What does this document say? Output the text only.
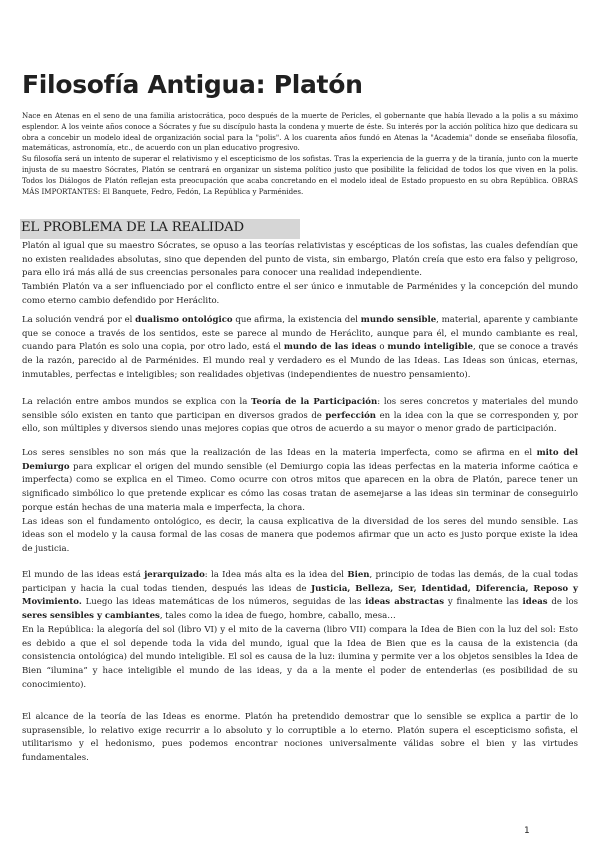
Filosofía Antigua: Platón

Nace en Atenas en el seno de una familia aristocrática, poco después de la muerte de Pericles, el gobernante que había llevado a la polis a su máximo esplendor. A los veinte años conoce a Sócrates y fue su discípulo hasta la condena y muerte de éste. Su interés por la acción política hizo que dedicara su obra a concebir un modelo ideal de organización social para la "polis". A los cuarenta años fundó en Atenas la "Academia" donde se enseñaba filosofía, matemáticas, astronomía, etc., de acuerdo con un plan educativo progresivo.

Su filosofía será un intento de superar el relativismo y el escepticismo de los sofistas. Tras la experiencia de la guerra y de la tiranía, junto con la muerte injusta de su maestro Sócrates, Platón se centrará en organizar un sistema político justo que posibilite la felicidad de todos los que viven en la polis. Todos los Diálogos de Platón reflejan esta preocupación que acaba concretando en el modelo ideal de Estado propuesto en su obra República. OBRAS MÁS IMPORTANTES: El Banquete, Fedro, Fedón, La República y Parménides.

EL PROBLEMA DE LA REALIDAD

Platón al igual que su maestro Sócrates, se opuso a las teorías relativistas y escépticas de los sofistas, las cuales defendían que no existen realidades absolutas, sino que dependen del punto de vista, sin embargo, Platón creía que esto era falso y peligroso, para ello irá más allá de sus creencias personales para conocer una realidad independiente.

También Platón va a ser influenciado por el conflicto entre el ser único e inmutable de Parménides y la concepción del mundo como eterno cambio defendido por Heráclito.

La solución vendrá por el dualismo ontológico que afirma, la existencia del mundo sensible, material, aparente y cambiante que se conoce a través de los sentidos, este se parece al mundo de Heráclito, aunque para él, el mundo cambiante es real, cuando para Platón es solo una copia, por otro lado, está el mundo de las ideas o mundo inteligible, que se conoce a través de la razón, parecido al de Parménides. El mundo real y verdadero es el Mundo de las Ideas. Las Ideas son únicas, eternas, inmutables, perfectas e inteligibles; son realidades objetivas (independientes de nuestro pensamiento).

La relación entre ambos mundos se explica con la Teoría de la Participación: los seres concretos y materiales del mundo sensible sólo existen en tanto que participan en diversos grados de perfección en la idea con la que se corresponden y, por ello, son múltiples y diversos siendo unas mejores copias que otros de acuerdo a su mayor o menor grado de participación.

Los seres sensibles no son más que la realización de las Ideas en la materia imperfecta, como se afirma en el mito del Demiurgo para explicar el origen del mundo sensible (el Demiurgo copia las ideas perfectas en la materia informe caótica e imperfecta) como se explica en el Timeo. Como ocurre con otros mitos que aparecen en la obra de Platón, parece tener un significado simbólico lo que pretende explicar es cómo las cosas tratan de asemejarse a las ideas sin terminar de conseguirlo porque están hechas de una materia mala e imperfecta, la chora.

Las ideas son el fundamento ontológico, es decir, la causa explicativa de la diversidad de los seres del mundo sensible. Las ideas son el modelo y la causa formal de las cosas de manera que podemos afirmar que un acto es justo porque existe la idea de justicia.

El mundo de las ideas está jerarquizado: la Idea más alta es la idea del Bien, principio de todas las demás, de la cual todas participan y hacia la cual todas tienden, después las ideas de Justicia, Belleza, Ser, Identidad, Diferencia, Reposo y Movimiento. Luego las ideas matemáticas de los números, seguidas de las ideas abstractas y finalmente las ideas de los seres sensibles y cambiantes, tales como la idea de fuego, hombre, caballo, mesa…

En la República: la alegoría del sol (libro VI) y el mito de la caverna (libro VII) compara la Idea de Bien con la luz del sol: Esto es debido a que el sol depende toda la vida del mundo, igual que la Idea de Bien que es la causa de la existencia (da consistencia ontológica) del mundo inteligible. El sol es causa de la luz: ilumina y permite ver a los objetos sensibles la Idea de Bien “ilumina” y hace inteligible el mundo de las ideas, y da a la mente el poder de entenderlas (es posibilidad de su conocimiento).

El alcance de la teoría de las Ideas es enorme. Platón ha pretendido demostrar que lo sensible se explica a partir de lo suprasensible, lo relativo exige recurrir a lo absoluto y lo corruptible a lo eterno. Platón supera el escepticismo sofista, el utilitarismo y el hedonismo, pues podemos encontrar nociones universalmente válidas sobre el bien y las virtudes fundamentales.

1
